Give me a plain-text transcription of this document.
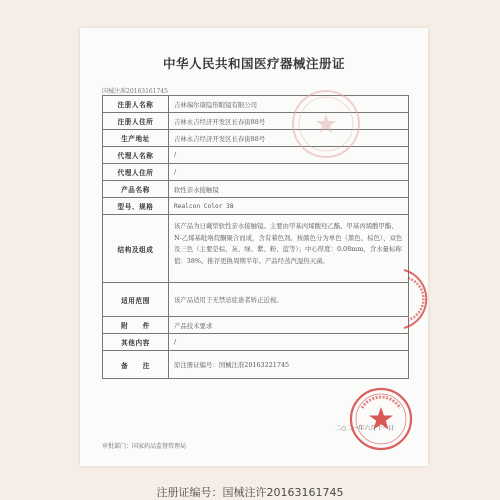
中华人民共和国医疗器械注册证
国械注准20163161745
注册人名称	吉林瑞尔康隐形眼镜有限公司
注册人住所	吉林永吉经济开发区长春街88号
生产地址	吉林永吉经济开发区长春街88号
代理人名称	/
代理人住所	/
产品名称	软性亲水接触镜
型号、规格	Realcon Color 38
结构及组成	该产品为日戴型软性亲水接触镜。主要由甲基丙烯酸羟乙酯、甲基丙烯酸甲酯、N-乙烯基吡咯烷酮聚合而成，含有着色剂。按颜色分为单色（黑色、棕色）、双色及三色（主要是棕、灰、绿、紫、粉、蓝等）；中心厚度：0.08mm，含水量标称值：38%。推荐更换周期半年。产品经蒸汽湿热灭菌。
适用范围	该产品适用于无禁忌症患者矫正近视。
附　　件	产品技术要求
其他内容	/
备　　注	原注册证编号：国械注准20163221745
二○二一年六月十一日
审批部门：国家药品监督管理局
注册证编号：国械注许20163161745
